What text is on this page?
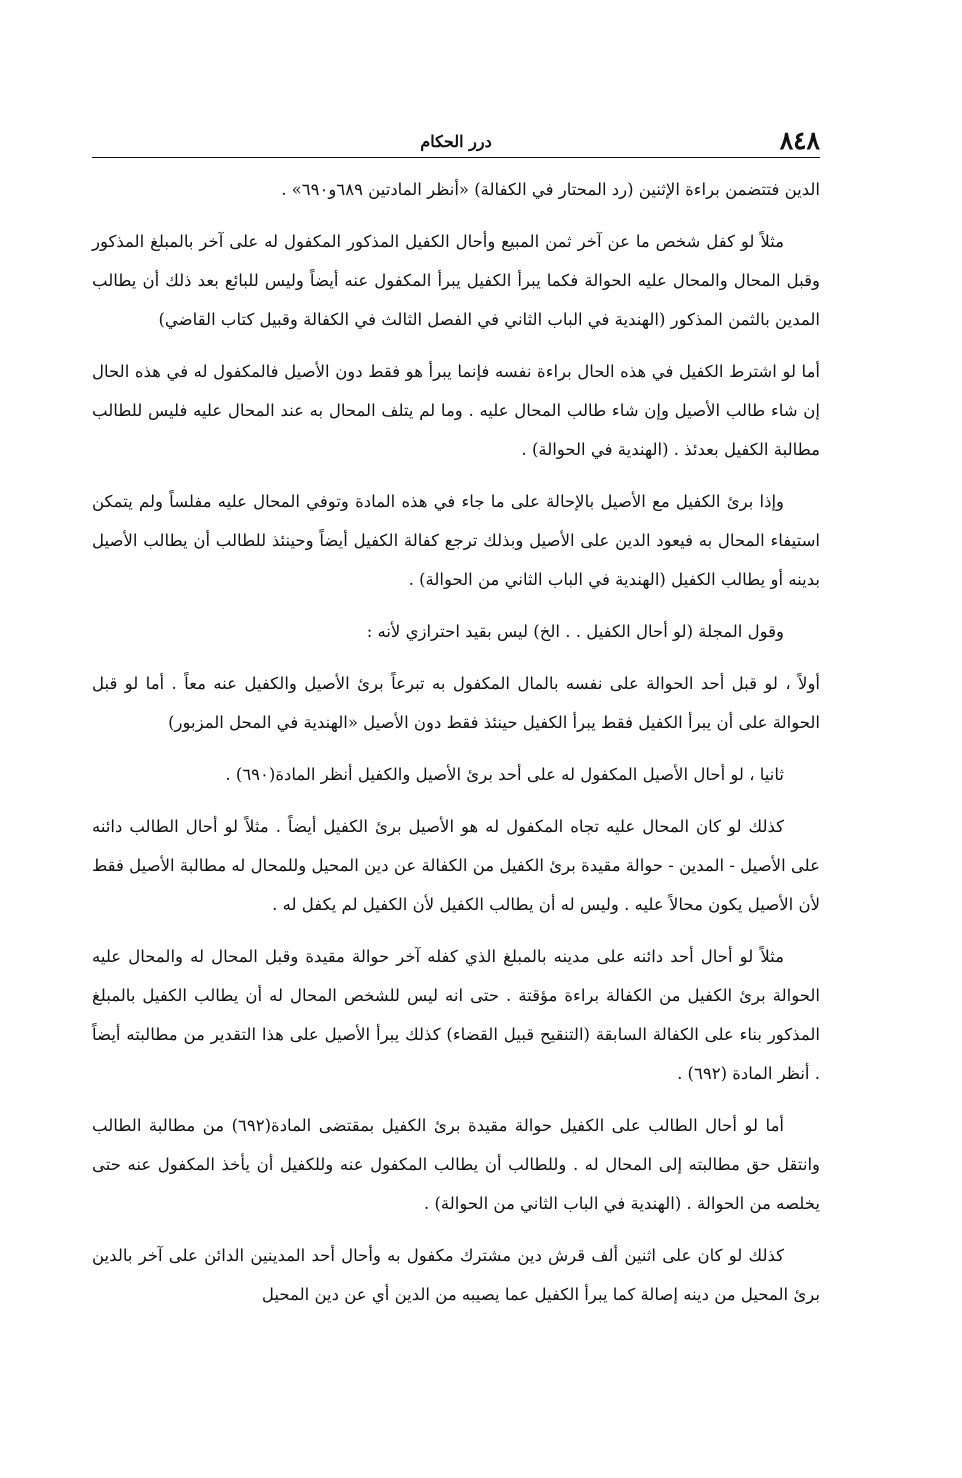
٨٤٨
درر الحكام

الدين فتتضمن براءة الإثنين (رد المحتار في الكفالة) «أنظر المادتين ٦٨٩و٦٩٠» .

مثلاً لو كفل شخص ما عن آخر ثمن المبيع وأحال الكفيل المذكور المكفول له على آخر بالمبلغ المذكور وقبل المحال والمحال عليه الحوالة فكما يبرأ الكفيل يبرأ المكفول عنه أيضاً وليس للبائع بعد ذلك أن يطالب المدين بالثمن المذكور (الهندية في الباب الثاني في الفصل الثالث في الكفالة وقبيل كتاب القاضي)

أما لو اشترط الكفيل في هذه الحال براءة نفسه فإنما يبرأ هو فقط دون الأصيل فالمكفول له في هذه الحال إن شاء طالب الأصيل وإن شاء طالب المحال عليه . وما لم يتلف المحال به عند المحال عليه فليس للطالب مطالبة الكفيل بعدئذ . (الهندية في الحوالة) .

وإذا برئ الكفيل مع الأصيل بالإحالة على ما جاء في هذه المادة وتوفي المحال عليه مفلساً ولم يتمكن استيفاء المحال به فيعود الدين على الأصيل وبذلك ترجع كفالة الكفيل أيضاً وحينئذ للطالب أن يطالب الأصيل بدينه أو يطالب الكفيل (الهندية في الباب الثاني من الحوالة) .

وقول المجلة (لو أحال الكفيل . . الخ) ليس بقيد احترازي لأنه :

أولاً ، لو قبل أحد الحوالة على نفسه بالمال المكفول به تبرعاً برئ الأصيل والكفيل عنه معاً . أما لو قبل الحوالة على أن يبرأ الكفيل فقط يبرأ الكفيل حينئذ فقط دون الأصيل «الهندية في المحل المزبور)

ثانيا ، لو أحال الأصيل المكفول له على أحد برئ الأصيل والكفيل أنظر المادة(٦٩٠) .

كذلك لو كان المحال عليه تجاه المكفول له هو الأصيل برئ الكفيل أيضاً . مثلاً لو أحال الطالب دائنه على الأصيل - المدين - حوالة مقيدة برئ الكفيل من الكفالة عن دين المحيل وللمحال له مطالبة الأصيل فقط لأن الأصيل يكون محالاً عليه . وليس له أن يطالب الكفيل لأن الكفيل لم يكفل له .

مثلاً لو أحال أحد دائنه على مدينه بالمبلغ الذي كفله آخر حوالة مقيدة وقبل المحال له والمحال عليه الحوالة برئ الكفيل من الكفالة براءة مؤقتة . حتى انه ليس للشخص المحال له أن يطالب الكفيل بالمبلغ المذكور بناء على الكفالة السابقة (التنقيح قبيل القضاء) كذلك يبرأ الأصيل على هذا التقدير من مطالبته أيضاً . أنظر المادة (٦٩٢) .

أما لو أحال الطالب على الكفيل حوالة مقيدة برئ الكفيل بمقتضى المادة(٦٩٢) من مطالبة الطالب وانتقل حق مطالبته إلى المحال له . وللطالب أن يطالب المكفول عنه وللكفيل أن يأخذ المكفول عنه حتى يخلصه من الحوالة . (الهندية في الباب الثاني من الحوالة) .

كذلك لو كان على اثنين ألف قرش دين مشترك مكفول به وأحال أحد المدينين الدائن على آخر بالدين برئ المحيل من دينه إصالة كما يبرأ الكفيل عما يصيبه من الدين أي عن دين المحيل
